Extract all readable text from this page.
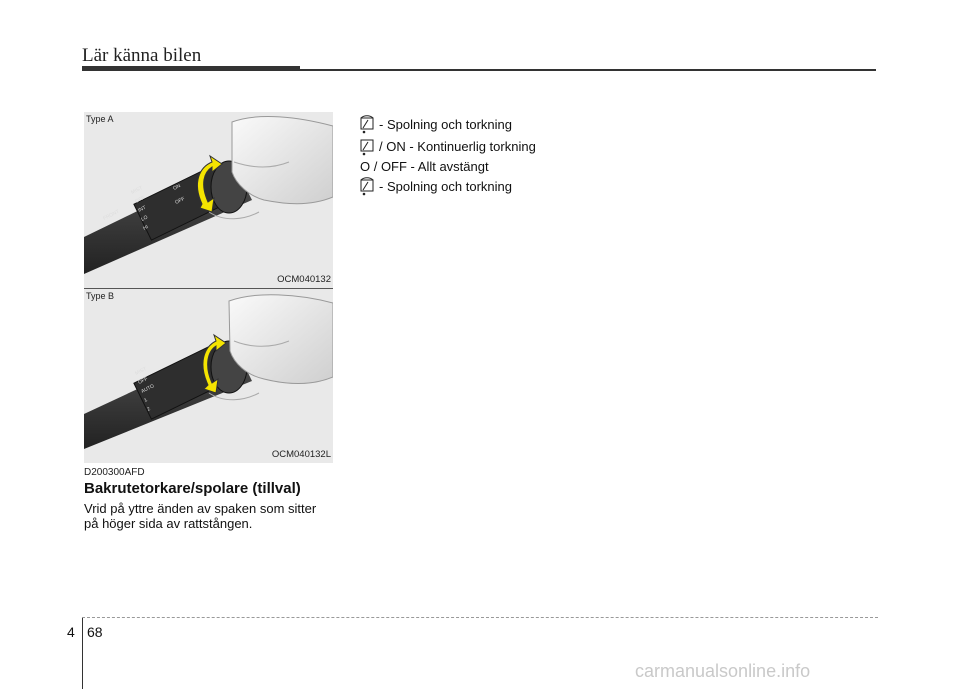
Lär känna bilen
MIST
OFF
INT
LO
HI
FRONT
ON
OFF
Type A
OCM040132
MIST
OFF
AUTO
1
2
Type B
OCM040132L
D200300AFD
Bakrutetorkare/spolare (tillval)
Vrid på yttre änden av spaken som sitter
på höger sida av rattstången.
- Spolning och torkning
/ ON - Kontinuerlig torkning
O / OFF - Allt avstängt
- Spolning och torkning
4 68
carmanualsonline.info
